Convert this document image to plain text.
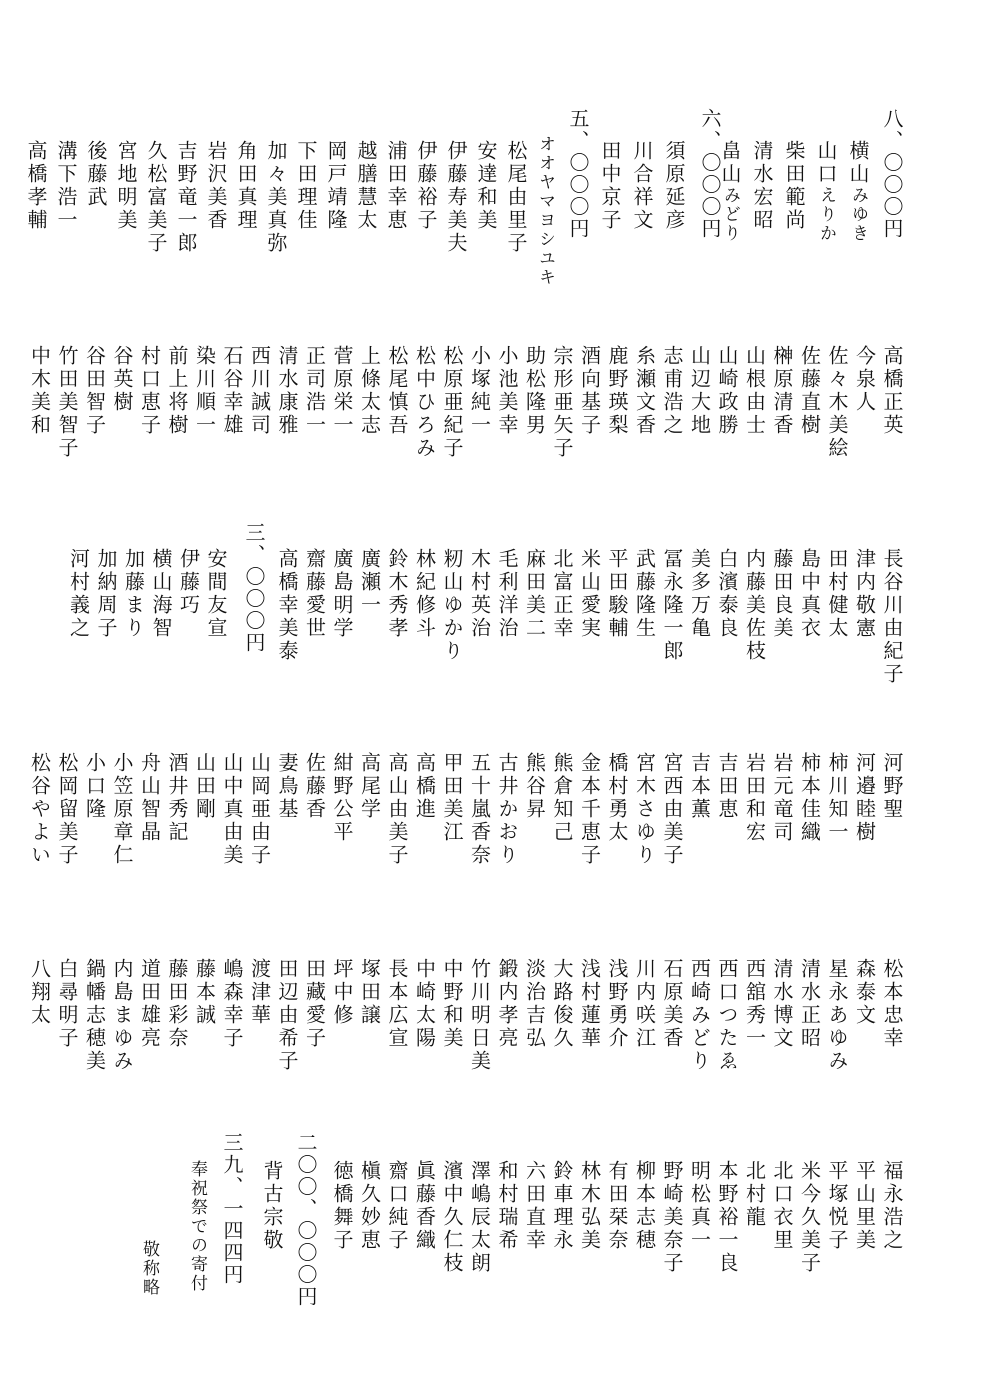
八、〇〇〇円
横山みゆき
山口えりか
柴田範尚
清水宏昭
畠山みどり
六、〇〇〇円
須原延彦
川合祥文
田中京子
五、〇〇〇円
オオヤマヨシユキ
松尾由里子
安達和美
伊藤寿美夫
伊藤裕子
浦田幸恵
越膳慧太
岡戸靖隆
下田理佳
加々美真弥
角田真理
岩沢美香
吉野竜一郎
久松富美子
宮地明美
後藤武
溝下浩一
高橋孝輔
高橋正英
今泉人
佐々木美絵
佐藤直樹
榊原清香
山根由士
山崎政勝
山辺大地
志甫浩之
糸瀬文香
鹿野瑛梨
酒向基子
宗形亜矢子
助松隆男
小池美幸
小塚純一
松原亜紀子
松中ひろみ
松尾慎吾
上條太志
菅原栄一
正司浩一
清水康雅
西川誠司
石谷幸雄
染川順一
前上将樹
村口恵子
谷英樹
谷田智子
竹田美智子
中木美和
長谷川由紀子
津内敬憲
田村健太
島中真衣
藤田良美
内藤美佐枝
白濱泰良
美多万亀
冨永隆一郎
武藤隆生
平田駿輔
米山愛実
北富正幸
麻田美二
毛利洋治
木村英治
籾山ゆかり
林紀修斗
鈴木秀孝
廣瀬一
廣島明学
齋藤愛世
高橋幸美泰
三、〇〇〇円
安間友宣
伊藤巧
横山海智
加藤まり
加納周子
河村義之
河野聖
河邉睦樹
柿川知一
柿本佳織
岩元竜司
岩田和宏
吉田恵
吉本薫
宮西由美子
宮木さゆり
橋村勇太
金本千恵子
熊倉知己
熊谷昇
古井かおり
五十嵐香奈
甲田美江
高橋進
高山由美子
高尾学
紺野公平
佐藤香
妻鳥基
山岡亜由子
山中真由美
山田剛
酒井秀記
舟山智晶
小笠原章仁
小口隆
松岡留美子
松谷やよい
松本忠幸
森泰文
星永あゆみ
清水正昭
清水博文
西舘秀一
西口つたゑ
西崎みどり
石原美香
川内咲江
浅野勇介
浅村蓮華
大路俊久
淡治吉弘
鍛内孝亮
竹川明日美
中野和美
中崎太陽
長本広宣
塚田譲
坪中修
田藏愛子
田辺由希子
渡津華
嶋森幸子
藤本誠
藤田彩奈
道田雄亮
内島まゆみ
鍋幡志穂美
白尋明子
八翔太
福永浩之
平山里美
平塚悦子
米今久美子
北口衣里
北村龍
本野裕一良
明松真一
野崎美奈子
柳本志穂
有田栞奈
林木弘美
鈴車理永
六田直幸
和村瑞希
澤嶋辰太朗
濱中久仁枝
眞藤香織
齋口純子
槇久妙恵
徳橋舞子
二〇〇、〇〇〇円
背古宗敬
三九、一四四円
奉祝祭での寄付
敬称略
